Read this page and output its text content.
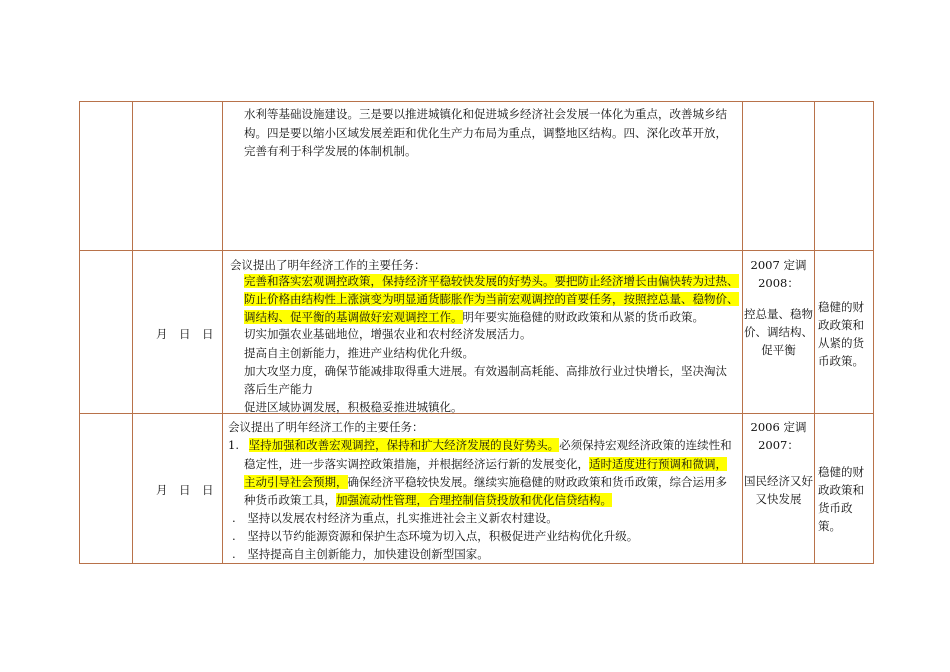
水利等基础设施建设。三是要以推进城镇化和促进城乡经济社会发展一体化为重点，改善城乡结
构。四是要以缩小区域发展差距和优化生产力布局为重点，调整地区结构。四、深化改革开放，
完善有利于科学发展的体制机制。
月　日　日
会议提出了明年经济工作的主要任务：
完善和落实宏观调控政策，保持经济平稳较快发展的好势头。要把防止经济增长由偏快转为过热、
防止价格由结构性上涨演变为明显通货膨胀作为当前宏观调控的首要任务，按照控总量、稳物价、
调结构、促平衡的基调做好宏观调控工作。明年要实施稳健的财政政策和从紧的货币政策。
切实加强农业基础地位，增强农业和农村经济发展活力。
提高自主创新能力，推进产业结构优化升级。
加大攻坚力度，确保节能减排取得重大进展。有效遏制高耗能、高排放行业过快增长，坚决淘汰
落后生产能力
促进区域协调发展，积极稳妥推进城镇化。
2007 定调
2008：
控总量、稳物价、调结构、促平衡
稳健的财政政策和从紧的货币政策。
月　日　日
会议提出了明年经济工作的主要任务：
1. 坚持加强和改善宏观调控，保持和扩大经济发展的良好势头。必须保持宏观经济政策的连续性和
稳定性，进一步落实调控政策措施，并根据经济运行新的发展变化，适时适度进行预调和微调，
主动引导社会预期，确保经济平稳较快发展。继续实施稳健的财政政策和货币政策，综合运用多
种货币政策工具，加强流动性管理，合理控制信贷投放和优化信贷结构。
. 坚持以发展农村经济为重点，扎实推进社会主义新农村建设。
. 坚持以节约能源资源和保护生态环境为切入点，积极促进产业结构优化升级。
. 坚持提高自主创新能力，加快建设创新型国家。
2006 定调
2007：
国民经济又好又快发展
稳健的财政政策和货币政策。
